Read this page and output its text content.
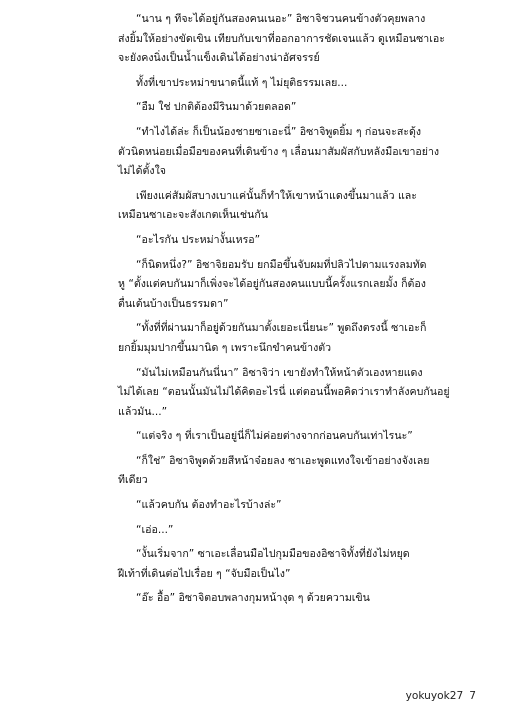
“นาน ๆ ทีจะได้อยู่กันสองคนเนอะ” อิซาจิชวนคนข้างตัวคุยพลาง
ส่งยิ้มให้อย่างขัดเขิน เทียบกับเขาที่ออกอาการชัดเจนแล้ว ดูเหมือนซาเอะ
จะยังคงนิ่งเป็นน้ำแข็งเดินได้อย่างน่าอัศจรรย์

ทั้งที่เขาประหม่าขนาดนี้แท้ ๆ ไม่ยุติธรรมเลย...

“อืม ใช่ ปกติต้องมีรินมาด้วยตลอด”

“ทำไงได้ล่ะ ก็เป็นน้องชายซาเอะนี่” อิซาจิพูดยิ้ม ๆ ก่อนจะสะดุ้ง
ตัวนิดหน่อยเมื่อมือของคนที่เดินข้าง ๆ เลื่อนมาสัมผัสกับหลังมือเขาอย่าง
ไม่ได้ตั้งใจ

เพียงแค่สัมผัสบางเบาแค่นั้นก็ทำให้เขาหน้าแดงขึ้นมาแล้ว และ
เหมือนซาเอะจะสังเกตเห็นเช่นกัน

“อะไรกัน ประหม่างั้นเหรอ”

“ก็นิดหนึ่ง?” อิซาจิยอมรับ ยกมือขึ้นจับผมที่ปลิวไปตามแรงลมทัด
หู “ตั้งแต่คบกันมาก็เพิ่งจะได้อยู่กันสองคนแบบนี้ครั้งแรกเลยมั้ง ก็ต้อง
ตื่นเต้นบ้างเป็นธรรมดา”

“ทั้งที่ที่ผ่านมาก็อยู่ด้วยกันมาตั้งเยอะเนี่ยนะ” พูดถึงตรงนี้ ซาเอะก็
ยกยิ้มมุมปากขึ้นมานิด ๆ เพราะนึกขำคนข้างตัว

“มันไม่เหมือนกันนี่นา” อิซาจิว่า เขายังทำให้หน้าตัวเองหายแดง
ไม่ได้เลย “ตอนนั้นมันไม่ได้คิดอะไรนี่ แต่ตอนนี้พอคิดว่าเราทำลังคบกันอยู่
แล้วมัน...”

“แต่จริง ๆ ที่เราเป็นอยู่นี่ก็ไม่ค่อยต่างจากก่อนคบกันเท่าไรนะ”

“ก็ใช่” อิซาจิพูดด้วยสีหน้าจ๋อยลง ซาเอะพูดแทงใจเข้าอย่างจังเลย
ทีเดียว

“แล้วคบกัน ต้องทำอะไรบ้างล่ะ”

“เอ่อ...”

“งั้นเริ่มจาก” ซาเอะเลื่อนมือไปกุมมือของอิซาจิทั้งที่ยังไม่หยุด
ฝีเท้าที่เดินต่อไปเรื่อย ๆ “จับมือเป็นไง”

“อ๊ะ อื้อ” อิซาจิตอบพลางกุมหน้างุด ๆ ด้วยความเขิน

yokuyok27 7
